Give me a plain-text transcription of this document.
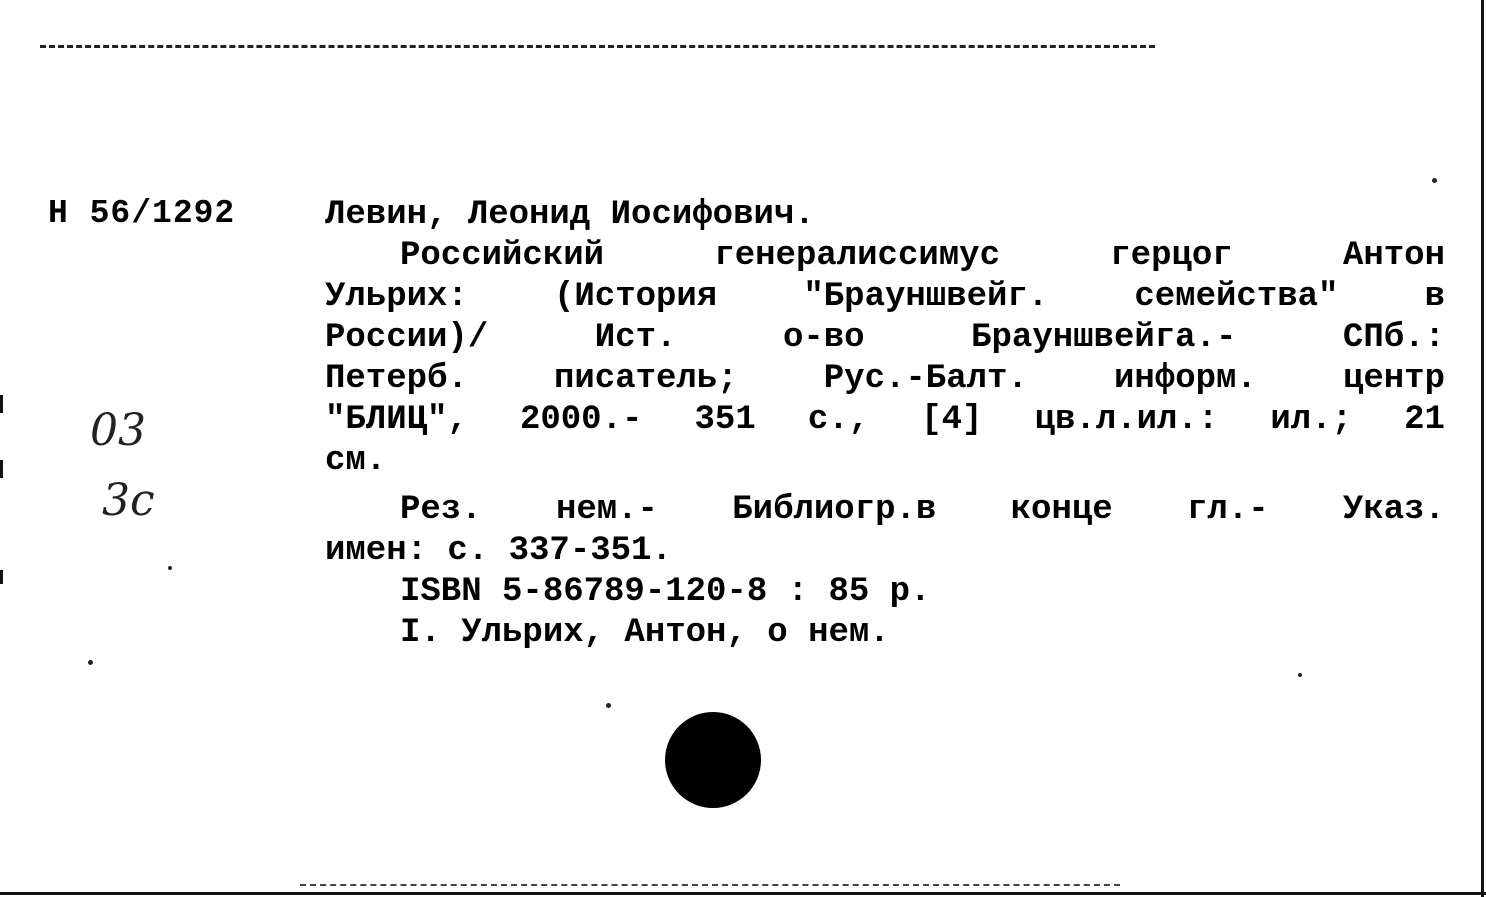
Н 56/1292
03
3с
Левин, Леонид Иосифович.
Российский	генералиссимус	герцог	Антон
Ульрих:	(История	"Брауншвейг.	семейства"	в
России)/	Ист.	о-во	Брауншвейга.-	СПб.:
Петерб.	писатель;	Рус.-Балт.	информ.	центр
"БЛИЦ", 2000.- 351 с., [4] цв.л.ил.: ил.; 21
см.
Рез. нем.- Библиогр.в конце гл.- Указ.
имен: с. 337-351.
ISBN 5-86789-120-8 : 85 р.
I. Ульрих, Антон, о нем.
